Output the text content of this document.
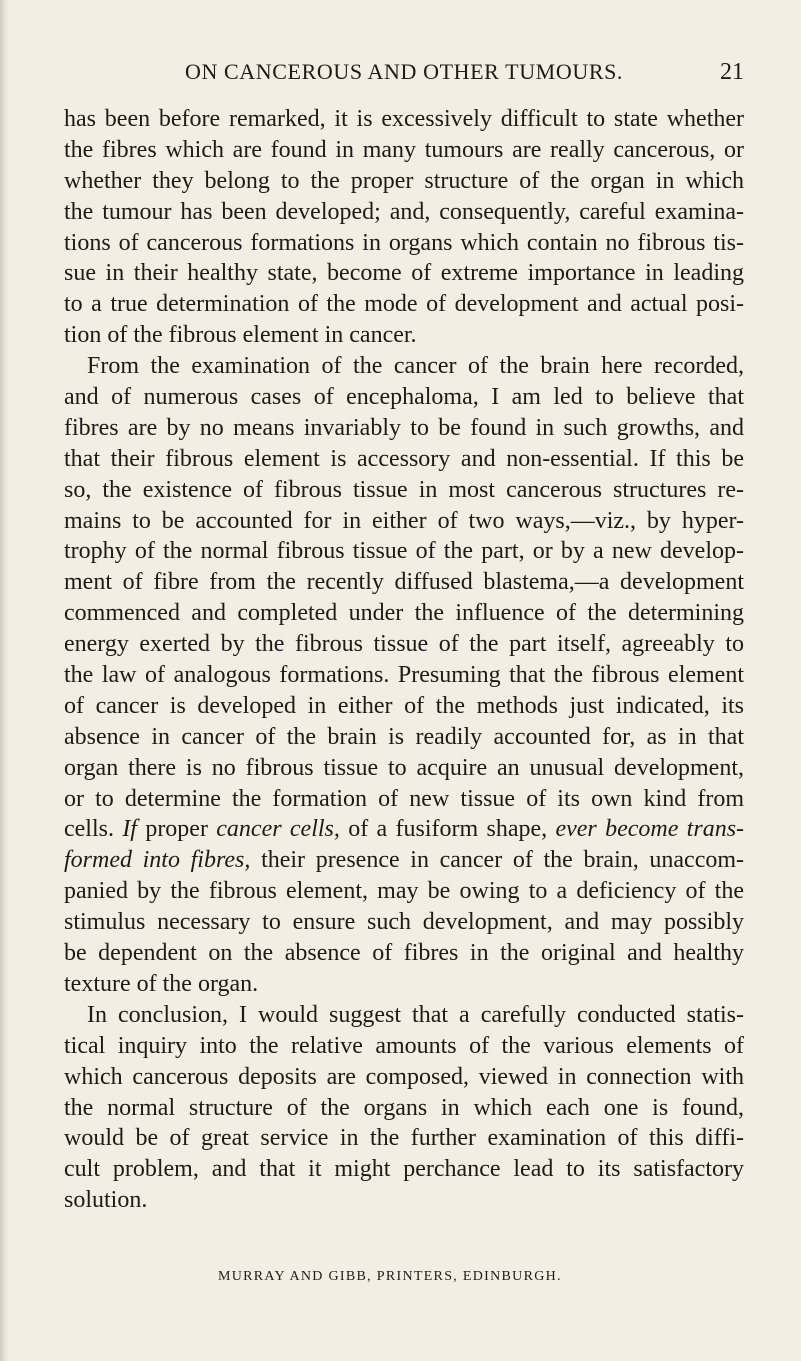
ON CANCEROUS AND OTHER TUMOURS.	21
has been before remarked, it is excessively difficult to state whether
the fibres which are found in many tumours are really cancerous, or
whether they belong to the proper structure of the organ in which
the tumour has been developed; and, consequently, careful examina-
tions of cancerous formations in organs which contain no fibrous tis-
sue in their healthy state, become of extreme importance in leading
to a true determination of the mode of development and actual posi-
tion of the fibrous element in cancer.
From the examination of the cancer of the brain here recorded,
and of numerous cases of encephaloma, I am led to believe that
fibres are by no means invariably to be found in such growths, and
that their fibrous element is accessory and non-essential. If this be
so, the existence of fibrous tissue in most cancerous structures re-
mains to be accounted for in either of two ways,—viz., by hyper-
trophy of the normal fibrous tissue of the part, or by a new develop-
ment of fibre from the recently diffused blastema,—a development
commenced and completed under the influence of the determining
energy exerted by the fibrous tissue of the part itself, agreeably to
the law of analogous formations. Presuming that the fibrous element
of cancer is developed in either of the methods just indicated, its
absence in cancer of the brain is readily accounted for, as in that
organ there is no fibrous tissue to acquire an unusual development,
or to determine the formation of new tissue of its own kind from
cells. If proper cancer cells, of a fusiform shape, ever become trans-
formed into fibres, their presence in cancer of the brain, unaccom-
panied by the fibrous element, may be owing to a deficiency of the
stimulus necessary to ensure such development, and may possibly
be dependent on the absence of fibres in the original and healthy
texture of the organ.
In conclusion, I would suggest that a carefully conducted statis-
tical inquiry into the relative amounts of the various elements of
which cancerous deposits are composed, viewed in connection with
the normal structure of the organs in which each one is found,
would be of great service in the further examination of this diffi-
cult problem, and that it might perchance lead to its satisfactory
solution.
MURRAY AND GIBB, PRINTERS, EDINBURGH.
